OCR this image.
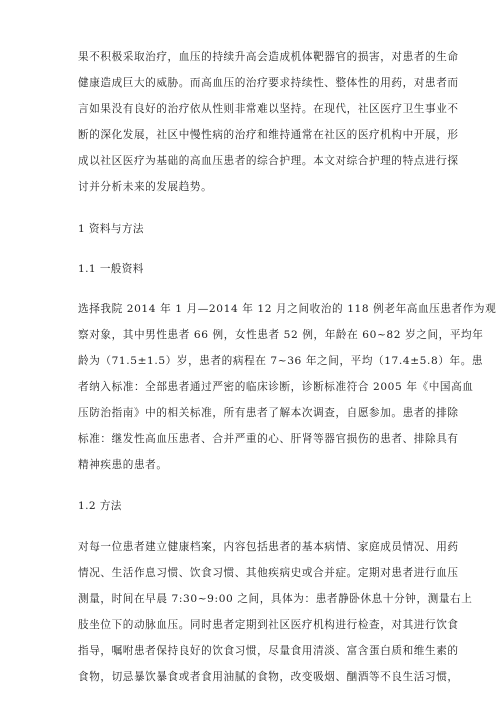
果不积极采取治疗，血压的持续升高会造成机体靶器官的损害，对患者的生命
健康造成巨大的威胁。而高血压的治疗要求持续性、整体性的用药，对患者而
言如果没有良好的治疗依从性则非常难以坚持。在现代，社区医疗卫生事业不
断的深化发展，社区中慢性病的治疗和维持通常在社区的医疗机构中开展，形
成以社区医疗为基础的高血压患者的综合护理。本文对综合护理的特点进行探
讨并分析未来的发展趋势。
1 资料与方法
1.1 一般资料
选择我院 2014 年 1 月—2014 年 12 月之间收治的 118 例老年高血压患者作为观
察对象，其中男性患者 66 例，女性患者 52 例，年龄在 60~82 岁之间，平均年
龄为（71.5±1.5）岁，患者的病程在 7~36 年之间，平均（17.4±5.8）年。患
者纳入标准：全部患者通过严密的临床诊断，诊断标准符合 2005 年《中国高血
压防治指南》中的相关标准，所有患者了解本次调查，自愿参加。患者的排除
标准：继发性高血压患者、合并严重的心、肝肾等器官损伤的患者、排除具有
精神疾患的患者。
1.2 方法
对每一位患者建立健康档案，内容包括患者的基本病情、家庭成员情况、用药
情况、生活作息习惯、饮食习惯、其他疾病史或合并症。定期对患者进行血压
测量，时间在早晨 7:30~9:00 之间，具体为：患者静卧休息十分钟，测量右上
肢坐位下的动脉血压。同时患者定期到社区医疗机构进行检查，对其进行饮食
指导，嘱咐患者保持良好的饮食习惯，尽量食用清淡、富含蛋白质和维生素的
食物，切忌暴饮暴食或者食用油腻的食物，改变吸烟、酗酒等不良生活习惯，
